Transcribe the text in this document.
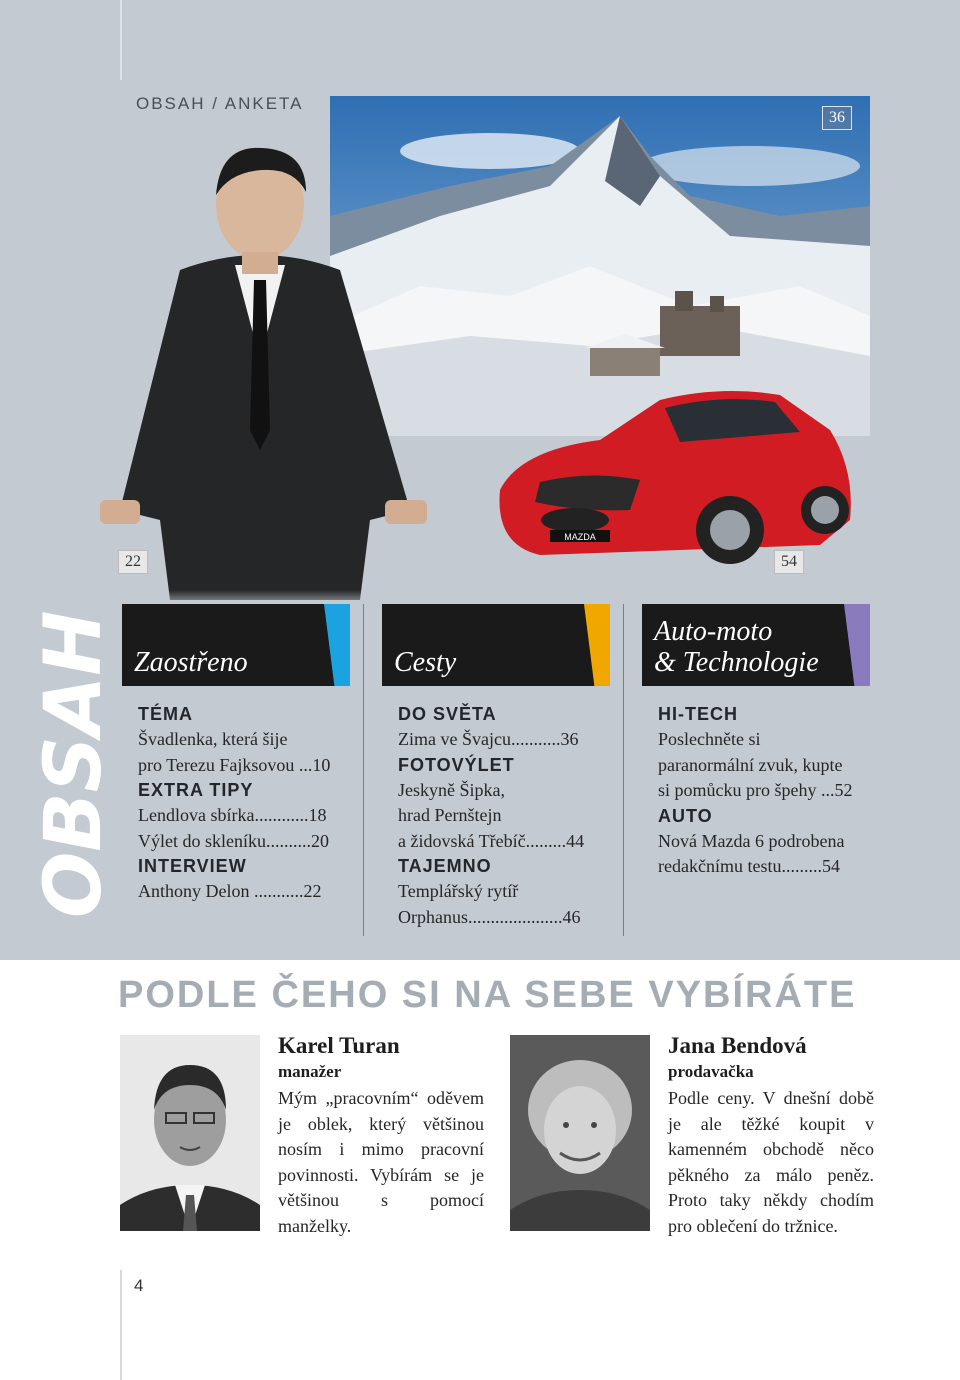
OBSAH / ANKETA
36
22
MAZDA
54
OBSAH Zaostřeno
TÉMA
Švadlenka, která šije
pro Terezu Fajksovou ...10
EXTRA TIPY
Lendlova sbírka............18
Výlet do skleníku..........20
INTERVIEW
Anthony Delon ...........22
Cesty
DO SVĚTA
Zima ve Švajcu...........36
FOTOVÝLET
Jeskyně Šipka,
hrad Pernštejn
a židovská Třebíč.........44
TAJEMNO
Templářský rytíř
Orphanus.....................46
Auto-moto
& Technologie
HI-TECH
Poslechněte si
paranormální zvuk, kupte
si pomůcku pro špehy ...52
AUTO
Nová Mazda 6 podrobena
redakčnímu testu.........54
PODLE ČEHO SI NA SEBE VYBÍRÁTE
Karel Turan
manažer
Mým „pracovním“ oděvem je oblek, který většinou nosím i mimo pracovní povinnosti. Vybírám se je většinou s pomocí manželky.
Jana Bendová
prodavačka
Podle ceny. V dnešní době je ale těžké koupit v kamenném obchodě něco pěkného za málo peněz. Proto taky někdy chodím pro oblečení do tržnice.
4
